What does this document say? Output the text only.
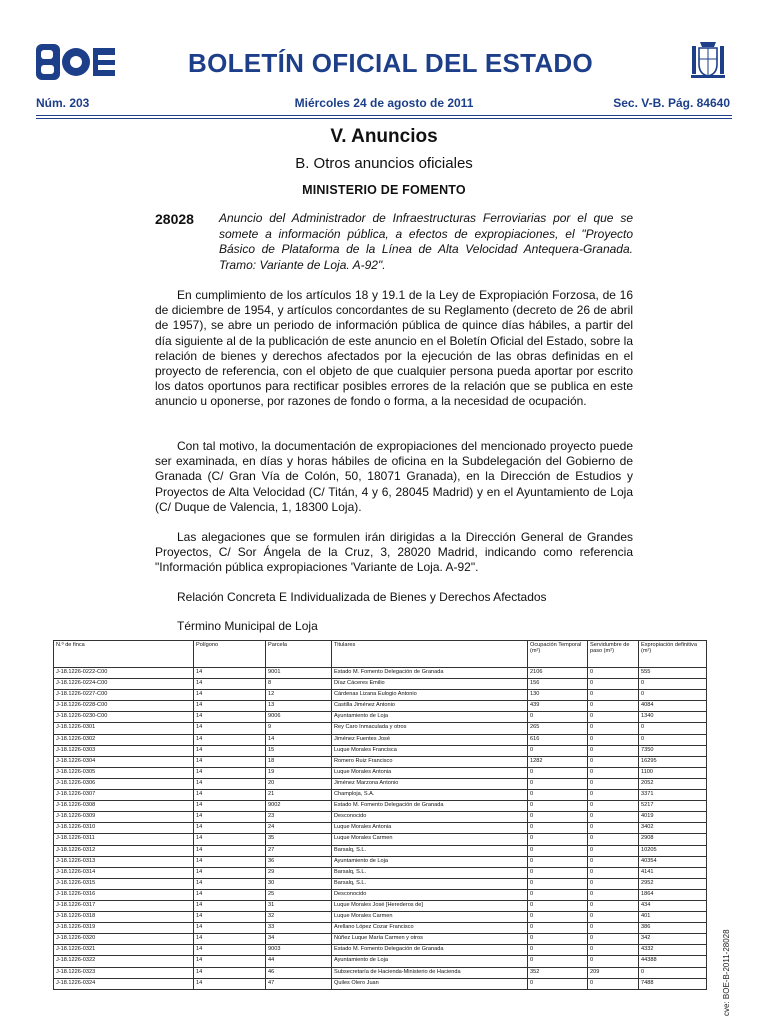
BOLETÍN OFICIAL DEL ESTADO
Núm. 203	Miércoles 24 de agosto de 2011	Sec. V-B. Pág. 84640
V. Anuncios
B. Otros anuncios oficiales
MINISTERIO DE FOMENTO
28028 Anuncio del Administrador de Infraestructuras Ferroviarias por el que se somete a información pública, a efectos de expropiaciones, el "Proyecto Básico de Plataforma de la Línea de Alta Velocidad Antequera-Granada. Tramo: Variante de Loja. A-92".

En cumplimiento de los artículos 18 y 19.1 de la Ley de Expropiación Forzosa, de 16 de diciembre de 1954, y artículos concordantes de su Reglamento (decreto de 26 de abril de 1957), se abre un periodo de información pública de quince días hábiles, a partir del día siguiente al de la publicación de este anuncio en el Boletín Oficial del Estado, sobre la relación de bienes y derechos afectados por la ejecución de las obras definidas en el proyecto de referencia, con el objeto de que cualquier persona pueda aportar por escrito los datos oportunos para rectificar posibles errores de la relación que se publica en este anuncio u oponerse, por razones de fondo o forma, a la necesidad de ocupación.

Con tal motivo, la documentación de expropiaciones del mencionado proyecto puede ser examinada, en días y horas hábiles de oficina en la Subdelegación del Gobierno de Granada (C/ Gran Vía de Colón, 50, 18071 Granada), en la Dirección de Estudios y Proyectos de Alta Velocidad (C/ Titán, 4 y 6, 28045 Madrid) y en el Ayuntamiento de Loja (C/ Duque de Valencia, 1, 18300 Loja).

Las alegaciones que se formulen irán dirigidas a la Dirección General de Grandes Proyectos, C/ Sor Ángela de la Cruz, 3, 28020 Madrid, indicando como referencia "Información pública expropiaciones 'Variante de Loja. A-92".

Relación Concreta E Individualizada de Bienes y Derechos Afectados
Término Municipal de Loja
N.º de finca	Polígono	Parcela	Titulares	Ocupación Temporal (m²)	Servidumbre de paso (m²)	Expropiación definitiva (m²)
J-18.1226-0222-C00	14	9001	Estado M. Fomento Delegación de Granada	2106	0	555
J-18.1226-0224-C00	14	8	Díaz Cáceres Emilio	156	0	0
J-18.1226-0227-C00	14	12	Cárdenas Lizana Eulogio Antonio	130	0	0
J-18.1226-0228-C00	14	13	Castilla Jiménez Antonio	439	0	4084
J-18.1226-0230-C00	14	9006	Ayuntamiento de Loja	0	0	1340
J-18.1226-0301	14	9	Rey Caro Inmaculada y otros	265	0	0
J-18.1226-0302	14	14	Jiménez Fuentes José	616	0	0
J-18.1226-0303	14	15	Luque Morales Francisca	0	0	7350
J-18.1226-0304	14	18	Romero Ruiz Francisco	1282	0	16295
J-18.1226-0305	14	19	Luque Morales Antonia	0	0	1100
J-18.1226-0306	14	20	Jiménez Marzona Antonio	0	0	2052
J-18.1226-0307	14	21	Champloja, S.A.	0	0	3371
J-18.1226-0308	14	9002	Estado M. Fomento Delegación de Granada	0	0	5217
J-18.1226-0309	14	23	Desconocido	0	0	4019
J-18.1226-0310	14	24	Luque Morales Antonia	0	0	3402
J-18.1226-0311	14	35	Luque Morales Carmen	0	0	2908
J-18.1226-0312	14	27	Barsalq, S.L.	0	0	10205
J-18.1226-0313	14	36	Ayuntamiento de Loja	0	0	40354
J-18.1226-0314	14	29	Barsalq, S.L.	0	0	4141
J-18.1226-0315	14	30	Barsalq, S.L.	0	0	2952
J-18.1226-0316	14	25	Desconocido	0	0	1864
J-18.1226-0317	14	31	Luque Morales José [Herederos de]	0	0	434
J-18.1226-0318	14	32	Luque Morales Carmen	0	0	401
J-18.1226-0319	14	33	Arellano López Cozar Francisco	0	0	386
J-18.1226-0320	14	34	Núñez Luque María Carmen y otros	0	0	342
J-18.1226-0321	14	9003	Estado M. Fomento Delegación de Granada	0	0	4332
J-18.1226-0322	14	44	Ayuntamiento de Loja	0	0	44388
J-18.1226-0323	14	46	Subsecretaría de Hacienda-Ministerio de Hacienda	352	209	0
J-18.1226-0324	14	47	Quiles Olero Juan	0	0	7488	cve: BOE-B-2011-28028
